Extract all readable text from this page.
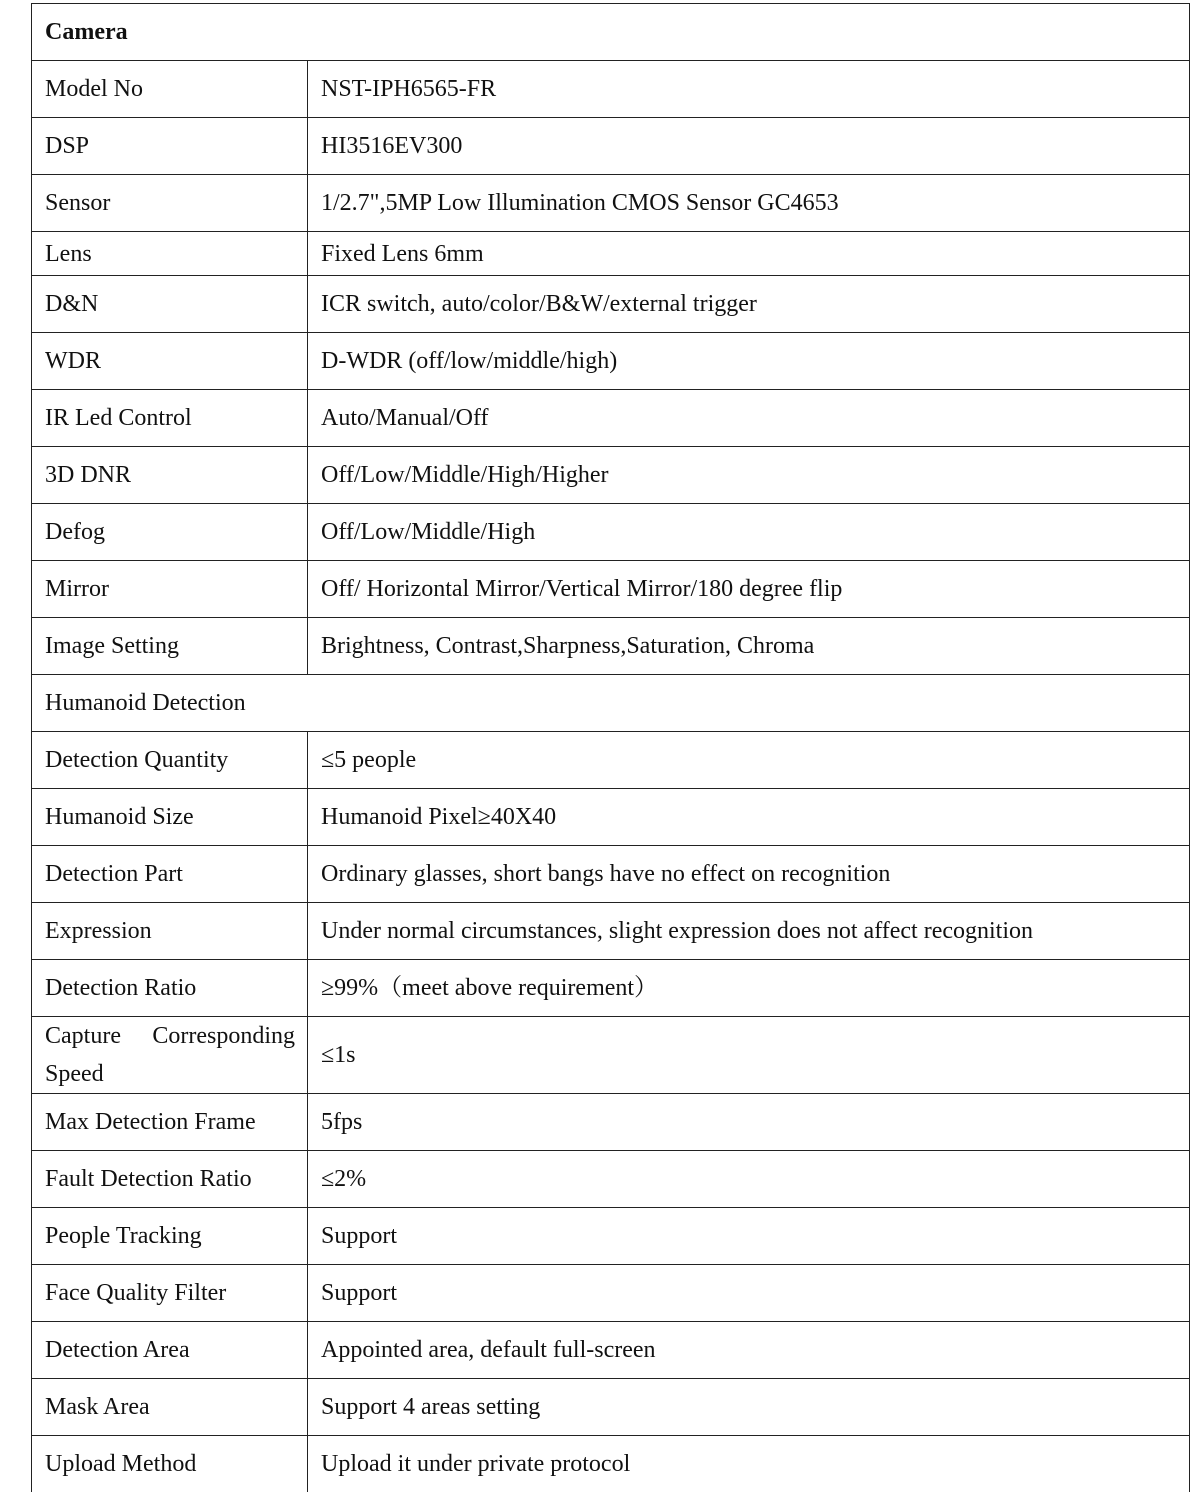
Camera	
Model No	NST-IPH6565-FR
DSP	HI3516EV300
Sensor	1/2.7",5MP Low Illumination CMOS Sensor GC4653
Lens	Fixed Lens 6mm
D&N	ICR switch, auto/color/B&W/external trigger
WDR	D-WDR (off/low/middle/high)
IR Led Control	Auto/Manual/Off
3D DNR	Off/Low/Middle/High/Higher
Defog	Off/Low/Middle/High
Mirror	Off/ Horizontal Mirror/Vertical Mirror/180 degree flip
Image Setting	Brightness, Contrast,Sharpness,Saturation, Chroma
Humanoid Detection	
Detection Quantity	≤5 people
Humanoid Size	Humanoid Pixel≥40X40
Detection Part	Ordinary glasses, short bangs have no effect on recognition
Expression	Under normal circumstances, slight expression does not affect recognition
Detection Ratio	≥99%（meet above requirement）
Capture Corresponding Speed	≤1s
Max Detection Frame	5fps
Fault Detection Ratio	≤2%
People Tracking	Support
Face Quality Filter	Support
Detection Area	Appointed area, default full-screen
Mask Area	Support 4 areas setting
Upload Method	Upload it under private protocol
